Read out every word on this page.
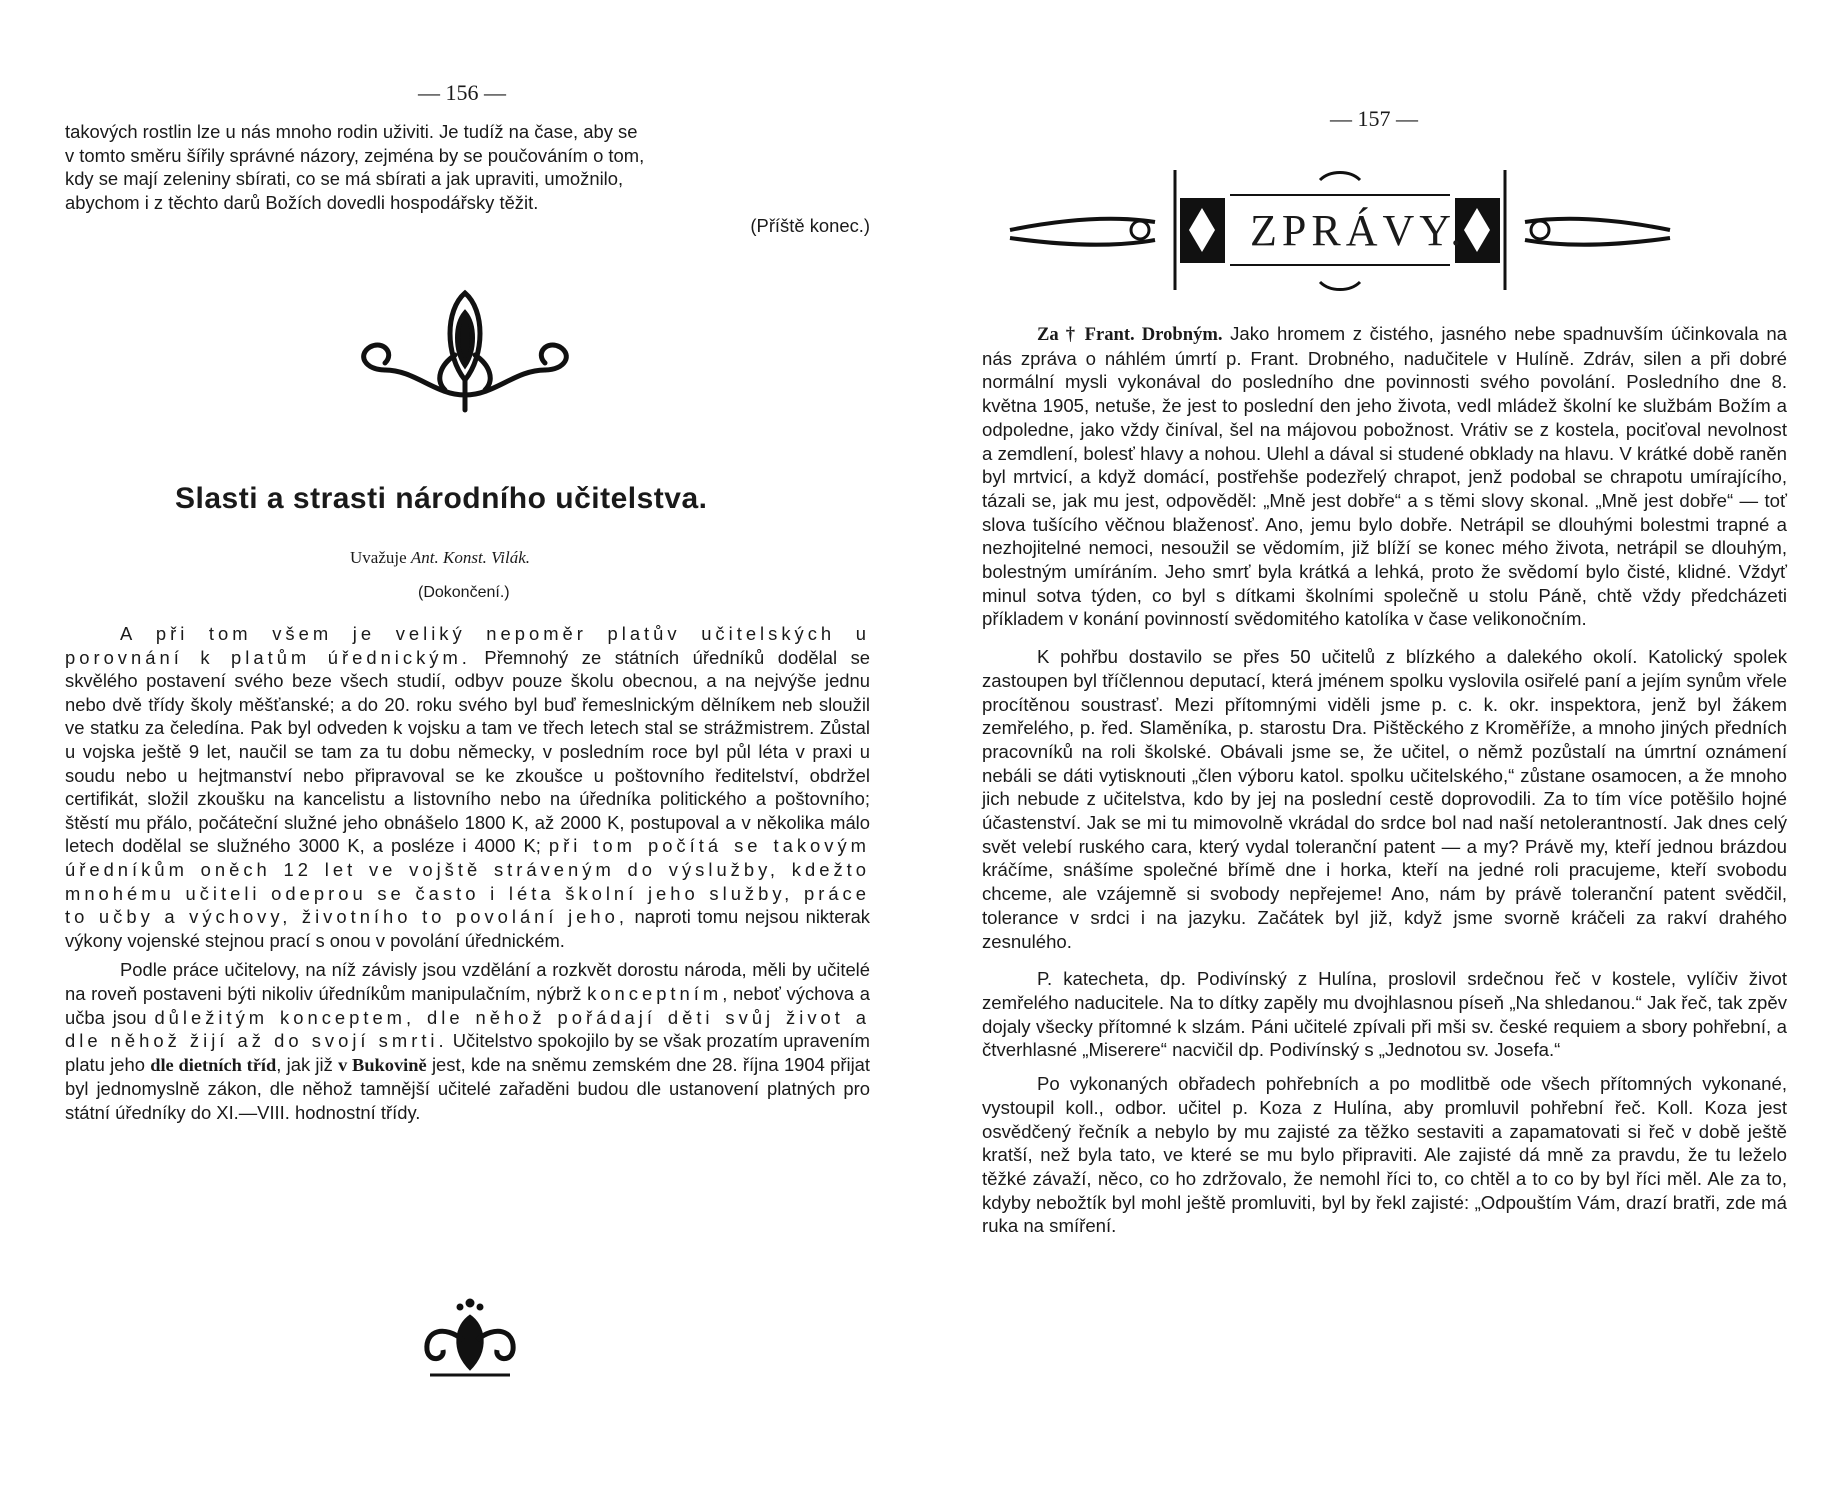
— 156 —
takových rostlin lze u nás mnoho rodin uživiti. Je tudíž na čase, aby se
v tomto směru šířily správné názory, zejména by se poučováním o tom,
kdy se mají zeleniny sbírati, co se má sbírati a jak upraviti, umožnilo,
abychom i z těchto darů Božích dovedli hospodářsky těžit.
(Příště konec.)
Slasti a strasti národního učitelstva.
Uvažuje Ant. Konst. Vilák.
(Dokončení.)

A při tom všem je veliký nepoměr platův učitelských u porovnání k platům úřednickým. Přemnohý ze státních úředníků dodělal se skvělého postavení svého beze všech studií, odbyv pouze školu obecnou, a na nejvýše jednu nebo dvě třídy školy měšťanské; a do 20. roku svého byl buď řemeslnickým dělníkem neb sloužil ve statku za čeledína. Pak byl odveden k vojsku a tam ve třech letech stal se strážmistrem. Zůstal u vojska ještě 9 let, naučil se tam za tu dobu německy, v posledním roce byl půl léta v praxi u soudu nebo u hejtmanství nebo připravoval se ke zkoušce u poštovního ředitelství, obdržel certifikát, složil zkoušku na kancelistu a listovního nebo na úředníka politického a poštovního; štěstí mu přálo, počáteční služné jeho obnášelo 1800 K, až 2000 K, postupoval a v několika málo letech dodělal se služného 3000 K, a posléze i 4000 K; při tom počítá se takovým úředníkům oněch 12 let ve vojště stráveným do výslužby, kdežto mnohému učiteli odeprou se často i léta školní jeho služby, práce to učby a výchovy, životního to povolání jeho, naproti tomu nejsou nikterak výkony vojenské stejnou prací s onou v povolání úřednickém.

Podle práce učitelovy, na níž závisly jsou vzdělání a rozkvět dorostu národa, měli by učitelé na roveň postaveni býti nikoliv úředníkům manipulačním, nýbrž konceptním, neboť výchova a učba jsou důležitým konceptem, dle něhož pořádají děti svůj život a dle něhož žijí až do svojí smrti. Učitelstvo spokojilo by se však prozatím upravením platu jeho dle dietních tříd, jak již v Bukovině jest, kde na sněmu zemském dne 28. října 1904 přijat byl jednomyslně zákon, dle něhož tamnější učitelé zařaděni budou dle ustanovení platných pro státní úředníky do XI.—VIII. hodnostní třídy.

— 157 —
ZPRÁVY.

Za † Frant. Drobným. Jako hromem z čistého, jasného nebe spadnuvším účinkovala na nás zpráva o náhlém úmrtí p. Frant. Drobného, nadučitele v Hulíně. Zdráv, silen a při dobré normální mysli vykonával do posledního dne povinnosti svého povolání. Posledního dne 8. května 1905, netuše, že jest to poslední den jeho života, vedl mládež školní ke službám Božím a odpoledne, jako vždy činíval, šel na májovou pobožnost. Vrátiv se z kostela, pociťoval nevolnost a zemdlení, bolesť hlavy a nohou. Ulehl a dával si studené obklady na hlavu. V krátké době raněn byl mrtvicí, a když domácí, postřehše podezřelý chrapot, jenž podobal se chrapotu umírajícího, tázali se, jak mu jest, odpověděl: „Mně jest dobře“ a s těmi slovy skonal. „Mně jest dobře“ — toť slova tušícího věčnou blaženosť. Ano, jemu bylo dobře. Netrápil se dlouhými bolestmi trapné a nezhojitelné nemoci, nesoužil se vědomím, již blíží se konec mého života, netrápil se dlouhým, bolestným umíráním. Jeho smrť byla krátká a lehká, proto že svědomí bylo čisté, klidné. Vždyť minul sotva týden, co byl s dítkami školními společně u stolu Páně, chtě vždy předcházeti příkladem v konání povinností svědomitého katolíka v čase velikonočním.

K pohřbu dostavilo se přes 50 učitelů z blízkého a dalekého okolí. Katolický spolek zastoupen byl tříčlennou deputací, která jménem spolku vyslovila osiřelé paní a jejím synům vřele procítěnou soustrasť. Mezi přítomnými viděli jsme p. c. k. okr. inspektora, jenž byl žákem zemřelého, p. řed. Slaměníka, p. starostu Dra. Pištěckého z Kroměříže, a mnoho jiných předních pracovníků na roli školské. Obávali jsme se, že učitel, o němž pozůstalí na úmrtní oznámení nebáli se dáti vytisknouti „člen výboru katol. spolku učitelského,“ zůstane osamocen, a že mnoho jich nebude z učitelstva, kdo by jej na poslední cestě doprovodili. Za to tím více potěšilo hojné účastenství. Jak se mi tu mimovolně vkrádal do srdce bol nad naší netolerantností. Jak dnes celý svět velebí ruského cara, který vydal toleranční patent — a my? Právě my, kteří jednou brázdou kráčíme, snášíme společné břímě dne i horka, kteří na jedné roli pracujeme, kteří svobodu chceme, ale vzájemně si svobody nepřejeme! Ano, nám by právě toleranční patent svědčil, tolerance v srdci i na jazyku. Začátek byl již, když jsme svorně kráčeli za rakví drahého zesnulého.

P. katecheta, dp. Podivínský z Hulína, proslovil srdečnou řeč v kostele, vylíčiv život zemřelého naducitele. Na to dítky zapěly mu dvojhlasnou píseň „Na shledanou.“ Jak řeč, tak zpěv dojaly všecky přítomné k slzám. Páni učitelé zpívali při mši sv. české requiem a sbory pohřební, a čtverhlasné „Miserere“ nacvičil dp. Podivínský s „Jednotou sv. Josefa.“

Po vykonaných obřadech pohřebních a po modlitbě ode všech přítomných vykonané, vystoupil koll., odbor. učitel p. Koza z Hulína, aby promluvil pohřební řeč. Koll. Koza jest osvědčený řečník a nebylo by mu zajisté za těžko sestaviti a zapamatovati si řeč v době ještě kratší, než byla tato, ve které se mu bylo připraviti. Ale zajisté dá mně za pravdu, že tu leželo těžké závaží, něco, co ho zdržovalo, že nemohl říci to, co chtěl a to co by byl říci měl. Ale za to, kdyby nebožtík byl mohl ještě promluviti, byl by řekl zajisté: „Odpouštím Vám, drazí bratři, zde má ruka na smíření.
